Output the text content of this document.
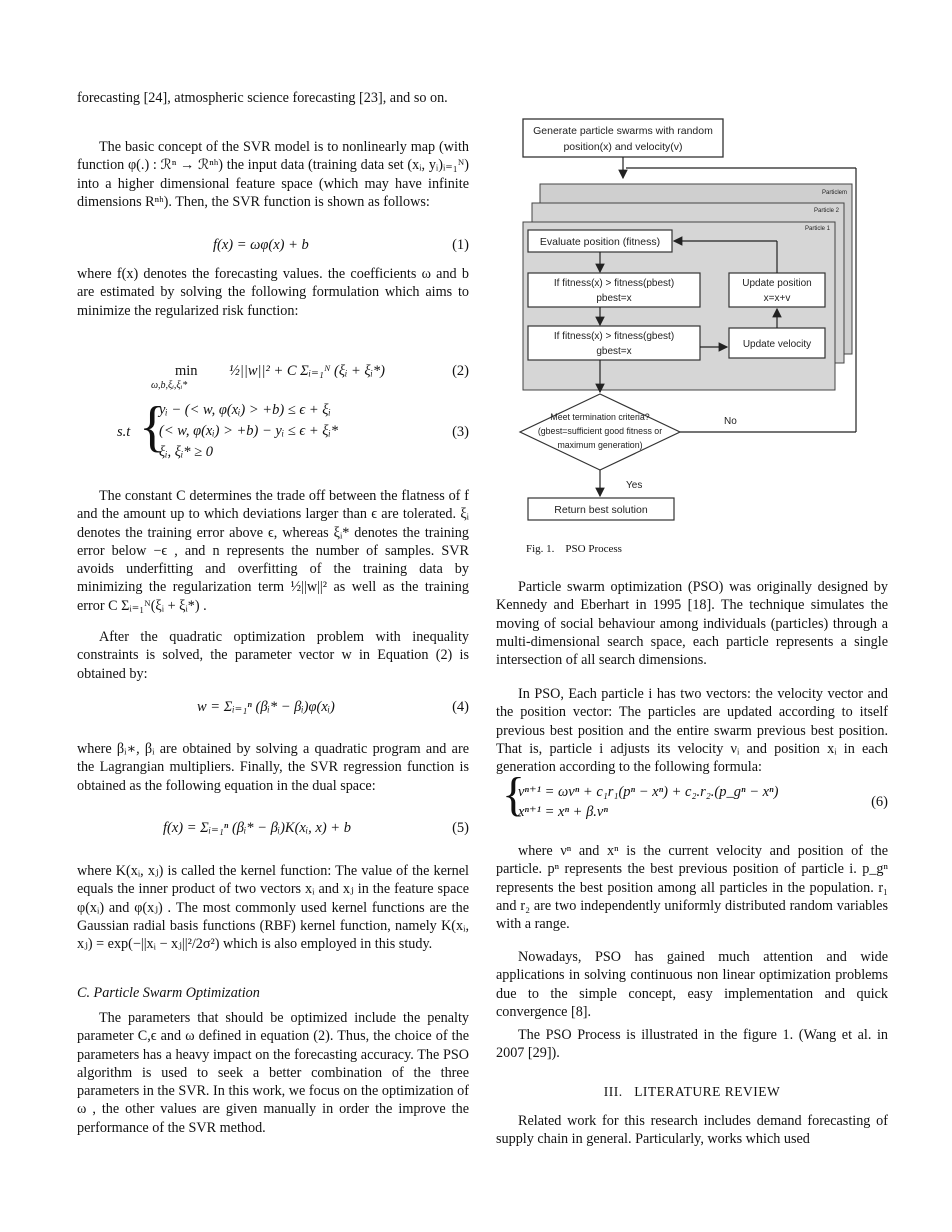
forecasting [24], atmospheric science forecasting [23], and so on.

The basic concept of the SVR model is to nonlinearly map (with function φ(.) : ℛⁿ → ℛⁿʰ) the input data (training data set (xᵢ, yᵢ)ᵢ₌₁ᴺ) into a higher dimensional feature space (which may have infinite dimensions Rⁿʰ). Then, the SVR function is shown as follows:

f(x) = ωφ(x) + b	(1)

where f(x) denotes the forecasting values. the coefficients ω and b are estimated by solving the following formulation which aims to minimize the regularized risk function:

min
ω,b,ξᵢ,ξᵢ*
½||w||² + C Σᵢ₌₁ᴺ (ξᵢ + ξᵢ*)	(2)
s.t {
yᵢ − (< w, φ(xᵢ) > +b) ≤ ϵ + ξᵢ
(< w, φ(xᵢ) > +b) − yᵢ ≤ ϵ + ξᵢ*
ξᵢ, ξᵢ* ≥ 0
(3)

The constant C determines the trade off between the flatness of f and the amount up to which deviations larger than ϵ are tolerated. ξᵢ denotes the training error above ϵ, whereas ξᵢ* denotes the training error below −ϵ , and n represents the number of samples. SVR avoids underfitting and overfitting of the training data by minimizing the regularization term ½||w||² as well as the training error C Σᵢ₌₁ᴺ(ξᵢ + ξᵢ*) .

After the quadratic optimization problem with inequality constraints is solved, the parameter vector w in Equation (2) is obtained by:

w = Σᵢ₌₁ⁿ (βᵢ* − βᵢ)φ(xᵢ)	(4)

where βᵢ∗, βᵢ are obtained by solving a quadratic program and are the Lagrangian multipliers. Finally, the SVR regression function is obtained as the following equation in the dual space:

f(x) = Σᵢ₌₁ⁿ (βᵢ* − βᵢ)K(xᵢ, x) + b	(5)

where K(xᵢ, xⱼ) is called the kernel function: The value of the kernel equals the inner product of two vectors xᵢ and xⱼ in the feature space φ(xᵢ) and φ(xⱼ) . The most commonly used kernel functions are the Gaussian radial basis functions (RBF) kernel function, namely K(xᵢ, xⱼ) = exp(−||xᵢ − xⱼ||²/2σ²) which is also employed in this study.

C. Particle Swarm Optimization

The parameters that should be optimized include the penalty parameter C,ϵ and ω defined in equation (2). Thus, the choice of the parameters has a heavy impact on the forecasting accuracy. The PSO algorithm is used to seek a better combination of the three parameters in the SVR. In this work, we focus on the optimization of ω , the other values are given manually in order the improve the performance of the SVR method.

Generate particle swarms with random
position(x) and velocity(v)
Particlem
Particle 2
Particle 1
Evaluate position (fitness)
If fitness(x) > fitness(pbest)
pbest=x
If fitness(x) > fitness(gbest)
gbest=x
Update position
x=x+v
Update velocity
Meet termination criteria?
(gbest=sufficient good fitness or
maximum generation)
No
Yes
Return best solution
Fig. 1.    PSO Process

Particle swarm optimization (PSO) was originally designed by Kennedy and Eberhart in 1995 [18]. The technique simulates the moving of social behaviour among individuals (particles) through a multi-dimensional search space, each particle represents a single intersection of all search dimensions.

In PSO, Each particle i has two vectors: the velocity vector and the position vector: The particles are updated according to itself previous best position and the entire swarm previous best position. That is, particle i adjusts its velocity νᵢ and position xᵢ in each generation according to the following formula:

{
νⁿ⁺¹ = ωνⁿ + c₁r₁(pⁿ − xⁿ) + c₂.r₂.(p_gⁿ − xⁿ)
xⁿ⁺¹ = xⁿ + β.νⁿ
(6)

where νⁿ and xⁿ is the current velocity and position of the particle. pⁿ represents the best previous position of particle i. p_gⁿ represents the best position among all particles in the population. r₁ and r₂ are two independently uniformly distributed random variables with a range.

Nowadays, PSO has gained much attention and wide applications in solving continuous non linear optimization problems due to the simple concept, easy implementation and quick convergence [8].

The PSO Process is illustrated in the figure 1. (Wang et al. in 2007 [29]).

III.   LITERATURE REVIEW

Related work for this research includes demand forecasting of supply chain in general. Particularly, works which used
